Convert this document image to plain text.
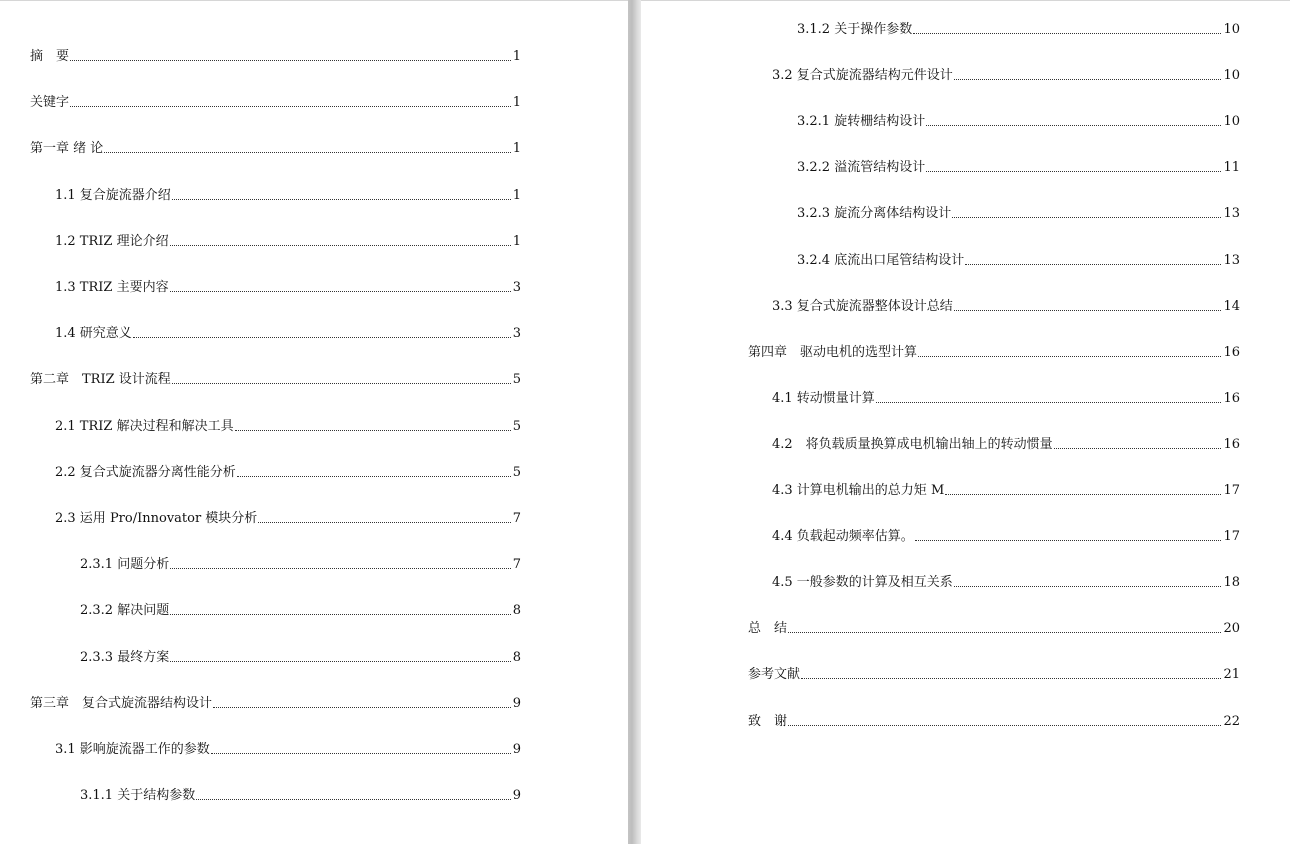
摘　要	1
关键字	1
第一章 绪 论	1
1.1 复合旋流器介绍	1
1.2 TRIZ 理论介绍	1
1.3 TRIZ 主要内容	3
1.4 研究意义	3
第二章　TRIZ 设计流程	5
2.1 TRIZ 解决过程和解决工具	5
2.2 复合式旋流器分离性能分析	5
2.3 运用 Pro/Innovator 模块分析	7
2.3.1 问题分析	7
2.3.2 解决问题	8
2.3.3 最终方案	8
第三章　复合式旋流器结构设计	9
3.1 影响旋流器工作的参数	9
3.1.1 关于结构参数	9
3.1.2 关于操作参数	10
3.2 复合式旋流器结构元件设计	10
3.2.1 旋转栅结构设计	10
3.2.2 溢流管结构设计	11
3.2.3 旋流分离体结构设计	13
3.2.4 底流出口尾管结构设计	13
3.3 复合式旋流器整体设计总结	14
第四章　驱动电机的选型计算	16
4.1 转动惯量计算	16
4.2　将负载质量换算成电机输出轴上的转动惯量	16
4.3 计算电机输出的总力矩 M	17
4.4 负载起动频率估算。	17
4.5 一般参数的计算及相互关系	18
总　结	20
参考文献	21
致　谢	22
